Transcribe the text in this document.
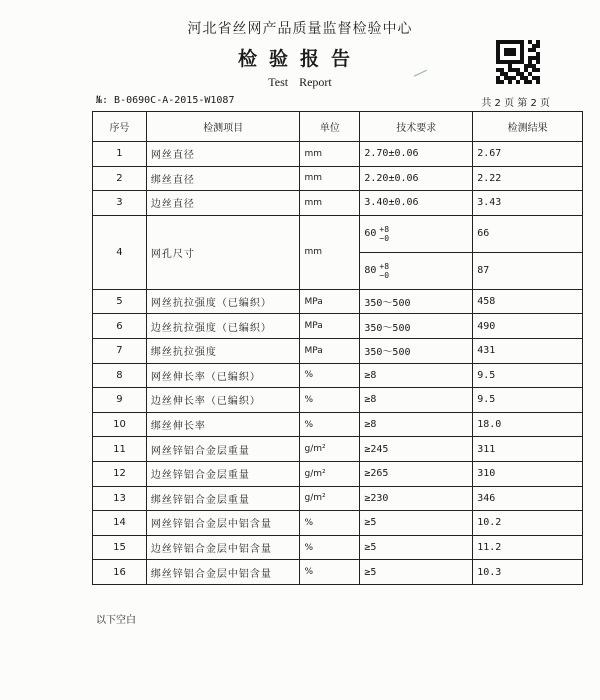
河北省丝网产品质量监督检验中心
检验报告
Test Report
№: B-0690C-A-2015-W1087	共 2 页 第 2 页
序号	检测项目	单位	技术要求	检测结果
1	网丝直径	mm	2.70±0.06	2.67
2	绑丝直径	mm	2.20±0.06	2.22
3	边丝直径	mm	3.40±0.06	3.43
4	网孔尺寸	mm	60 +8
−0	66

			80 +8
−0	87
5	网丝抗拉强度（已编织）	MPa	350～500	458
6	边丝抗拉强度（已编织）	MPa	350～500	490
7	绑丝抗拉强度	MPa	350～500	431
8	网丝伸长率（已编织）	%	≥8	9.5
9	边丝伸长率（已编织）	%	≥8	9.5
10	绑丝伸长率	%	≥8	18.0
11	网丝锌铝合金层重量	g/m²	≥245	311
12	边丝锌铝合金层重量	g/m²	≥265	310
13	绑丝锌铝合金层重量	g/m²	≥230	346
14	网丝锌铝合金层中铝含量	%	≥5	10.2
15	边丝锌铝合金层中铝含量	%	≥5	11.2
16	绑丝锌铝合金层中铝含量	%	≥5	10.3
以下空白
